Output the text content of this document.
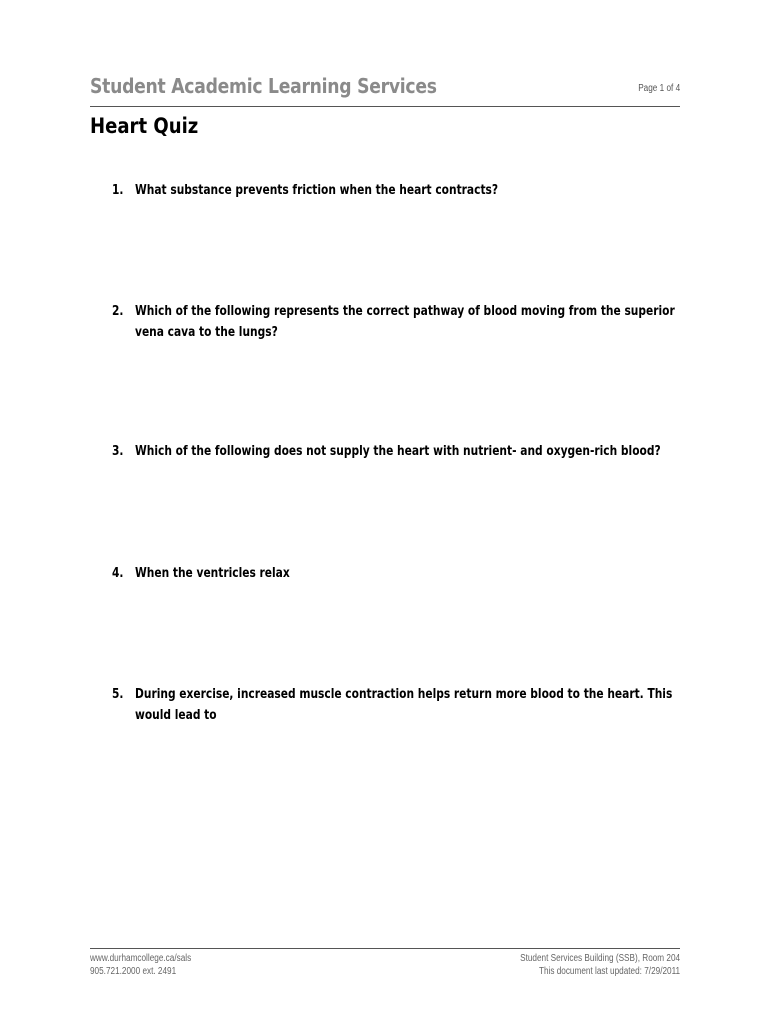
Student Academic Learning Services	Page 1 of 4
Heart Quiz
1. What substance prevents friction when the heart contracts?
2. Which of the following represents the correct pathway of blood moving from the superior vena cava to the lungs?
3. Which of the following does not supply the heart with nutrient- and oxygen-rich blood?
4. When the ventricles relax
5. During exercise, increased muscle contraction helps return more blood to the heart. This would lead to
www.durhamcollege.ca/sals
905.721.2000 ext. 2491
Student Services Building (SSB), Room 204
This document last updated: 7/29/2011
